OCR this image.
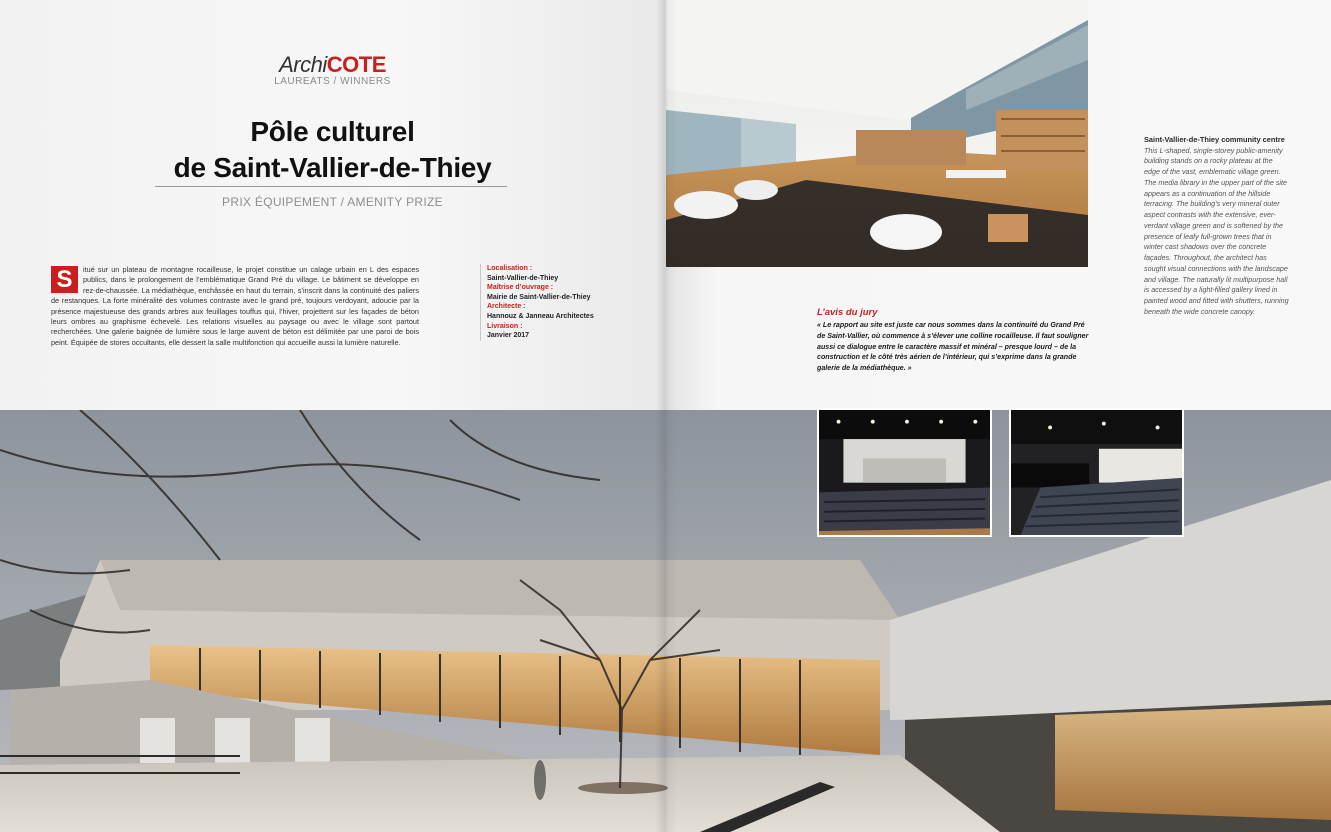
ArchiCOTE
LAUREATS / WINNERS
Pôle culturel
de Saint-Vallier-de-Thiey
PRIX ÉQUIPEMENT / AMENITY PRIZE
S	itué sur un plateau de montagne rocailleuse, le projet constitue un calage urbain en L des espaces publics, dans le prolongement de l’emblématique Grand Pré du village. Le bâtiment se développe en rez-de-chaussée. La médiathèque, enchâssée en haut du terrain, s’inscrit dans la continuité des paliers de restanques. La forte minéralité des volumes contraste avec le grand pré, toujours verdoyant, adoucie par la présence majestueuse des grands arbres aux feuillages touffus qui, l’hiver, projettent sur les façades de béton leurs ombres au graphisme échevelé. Les relations visuelles au paysage ou avec le village sont partout recherchées. Une galerie baignée de lumière sous le large auvent de béton est délimitée par une paroi de bois peint. Équipée de stores occultants, elle dessert la salle multifonction qui accueille aussi la lumière naturelle.
Localisation :
Saint-Vallier-de-Thiey
Maîtrise d’ouvrage :
Mairie de Saint-Vallier-de-Thiey
Architecte :
Hannouz & Janneau Architectes
Livraison :
Janvier 2017
L’avis du jury
« Le rapport au site est juste car nous sommes dans la continuité du Grand Pré de Saint-Vallier, où commence à s’élever une colline rocailleuse. Il faut souligner aussi ce dialogue entre le caractère massif et minéral – presque lourd – de la construction et le côté très aérien de l’intérieur, qui s’exprime dans la grande galerie de la médiathèque. »
Saint-Vallier-de-Thiey community centre
This L-shaped, single-storey public-amenity building stands on a rocky plateau at the edge of the vast, emblematic village green. The media library in the upper part of the site appears as a continuation of the hillside terracing. The building’s very mineral outer aspect contrasts with the extensive, ever-verdant village green and is softened by the presence of leafy full-grown trees that in winter cast shadows over the concrete façades. Throughout, the architect has sought visual connections with the landscape and village. The naturally lit multipurpose hall is accessed by a light-filled gallery lined in painted wood and fitted with shutters, running beneath the wide concrete canopy.
